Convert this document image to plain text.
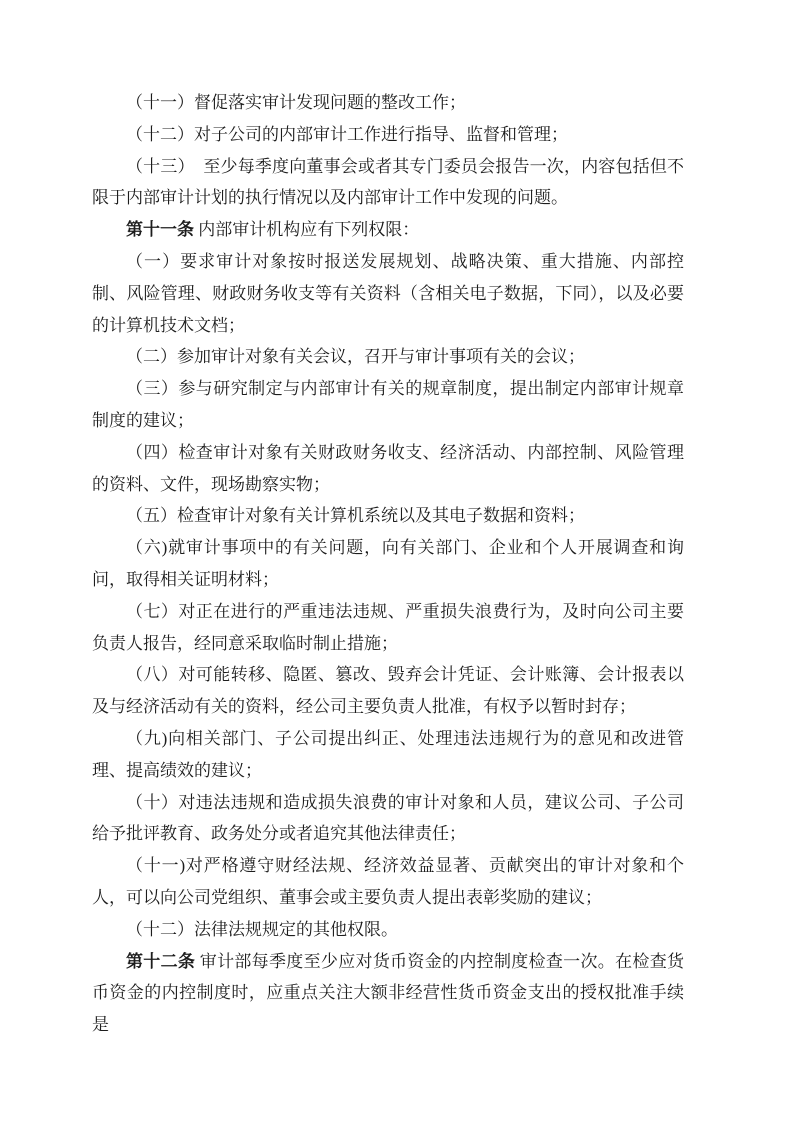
（十一）督促落实审计发现问题的整改工作；

（十二）对子公司的内部审计工作进行指导、监督和管理；

（十三）　至少每季度向董事会或者其专门委员会报告一次，内容包括但不限于内部审计计划的执行情况以及内部审计工作中发现的问题。

第十一条 内部审计机构应有下列权限：

（一）要求审计对象按时报送发展规划、战略决策、重大措施、内部控制、风险管理、财政财务收支等有关资料（含相关电子数据，下同），以及必要的计算机技术文档；

（二）参加审计对象有关会议，召开与审计事项有关的会议；

（三）参与研究制定与内部审计有关的规章制度，提出制定内部审计规章制度的建议；

（四）检查审计对象有关财政财务收支、经济活动、内部控制、风险管理的资料、文件，现场勘察实物；

（五）检查审计对象有关计算机系统以及其电子数据和资料；

（六)就审计事项中的有关问题，向有关部门、企业和个人开展调查和询问，取得相关证明材料；

（七）对正在进行的严重违法违规、严重损失浪费行为，及时向公司主要负责人报告，经同意采取临时制止措施；

（八）对可能转移、隐匿、篡改、毁弃会计凭证、会计账簿、会计报表以及与经济活动有关的资料，经公司主要负责人批准，有权予以暂时封存；

（九)向相关部门、子公司提出纠正、处理违法违规行为的意见和改进管理、提高绩效的建议；

（十）对违法违规和造成损失浪费的审计对象和人员，建议公司、子公司给予批评教育、政务处分或者追究其他法律责任；

（十一)对严格遵守财经法规、经济效益显著、贡献突出的审计对象和个人，可以向公司党组织、董事会或主要负责人提出表彰奖励的建议；

（十二）法律法规规定的其他权限。

第十二条 审计部每季度至少应对货币资金的内控制度检查一次。在检查货币资金的内控制度时，应重点关注大额非经营性货币资金支出的授权批准手续是
